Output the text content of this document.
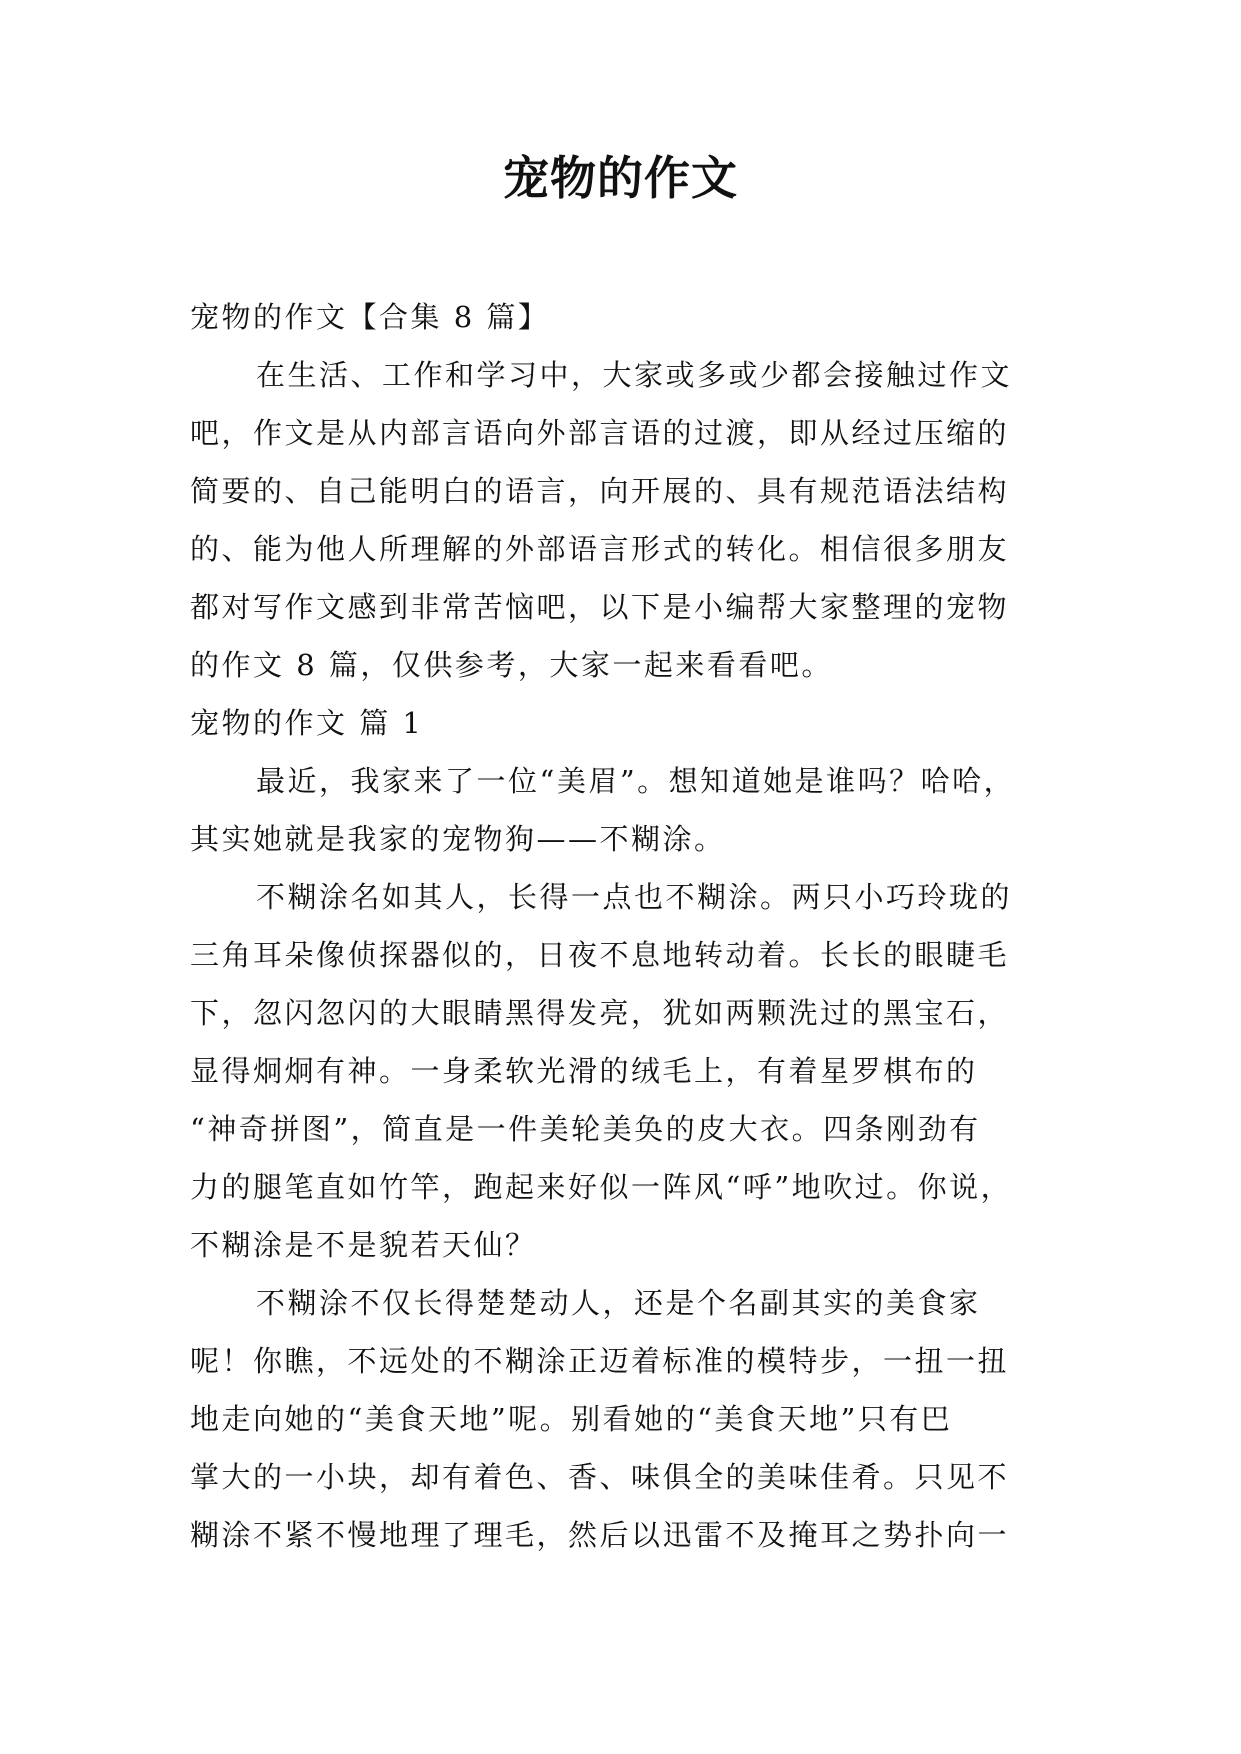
宠物的作文

宠物的作文【合集 8 篇】

在生活、工作和学习中，大家或多或少都会接触过作文

吧，作文是从内部言语向外部言语的过渡，即从经过压缩的

简要的、自己能明白的语言，向开展的、具有规范语法结构

的、能为他人所理解的外部语言形式的转化。相信很多朋友

都对写作文感到非常苦恼吧，以下是小编帮大家整理的宠物

的作文 8 篇，仅供参考，大家一起来看看吧。

宠物的作文 篇 1

最近，我家来了一位“美眉”。想知道她是谁吗？哈哈，

其实她就是我家的宠物狗——不糊涂。

不糊涂名如其人，长得一点也不糊涂。两只小巧玲珑的

三角耳朵像侦探器似的，日夜不息地转动着。长长的眼睫毛

下，忽闪忽闪的大眼睛黑得发亮，犹如两颗洗过的黑宝石，

显得炯炯有神。一身柔软光滑的绒毛上，有着星罗棋布的

“神奇拼图”，简直是一件美轮美奂的皮大衣。四条刚劲有

力的腿笔直如竹竿，跑起来好似一阵风“呼”地吹过。你说，

不糊涂是不是貌若天仙？

不糊涂不仅长得楚楚动人，还是个名副其实的美食家

呢！你瞧，不远处的不糊涂正迈着标准的模特步，一扭一扭

地走向她的“美食天地”呢。别看她的“美食天地”只有巴

掌大的一小块，却有着色、香、味俱全的美味佳肴。只见不

糊涂不紧不慢地理了理毛，然后以迅雷不及掩耳之势扑向一
